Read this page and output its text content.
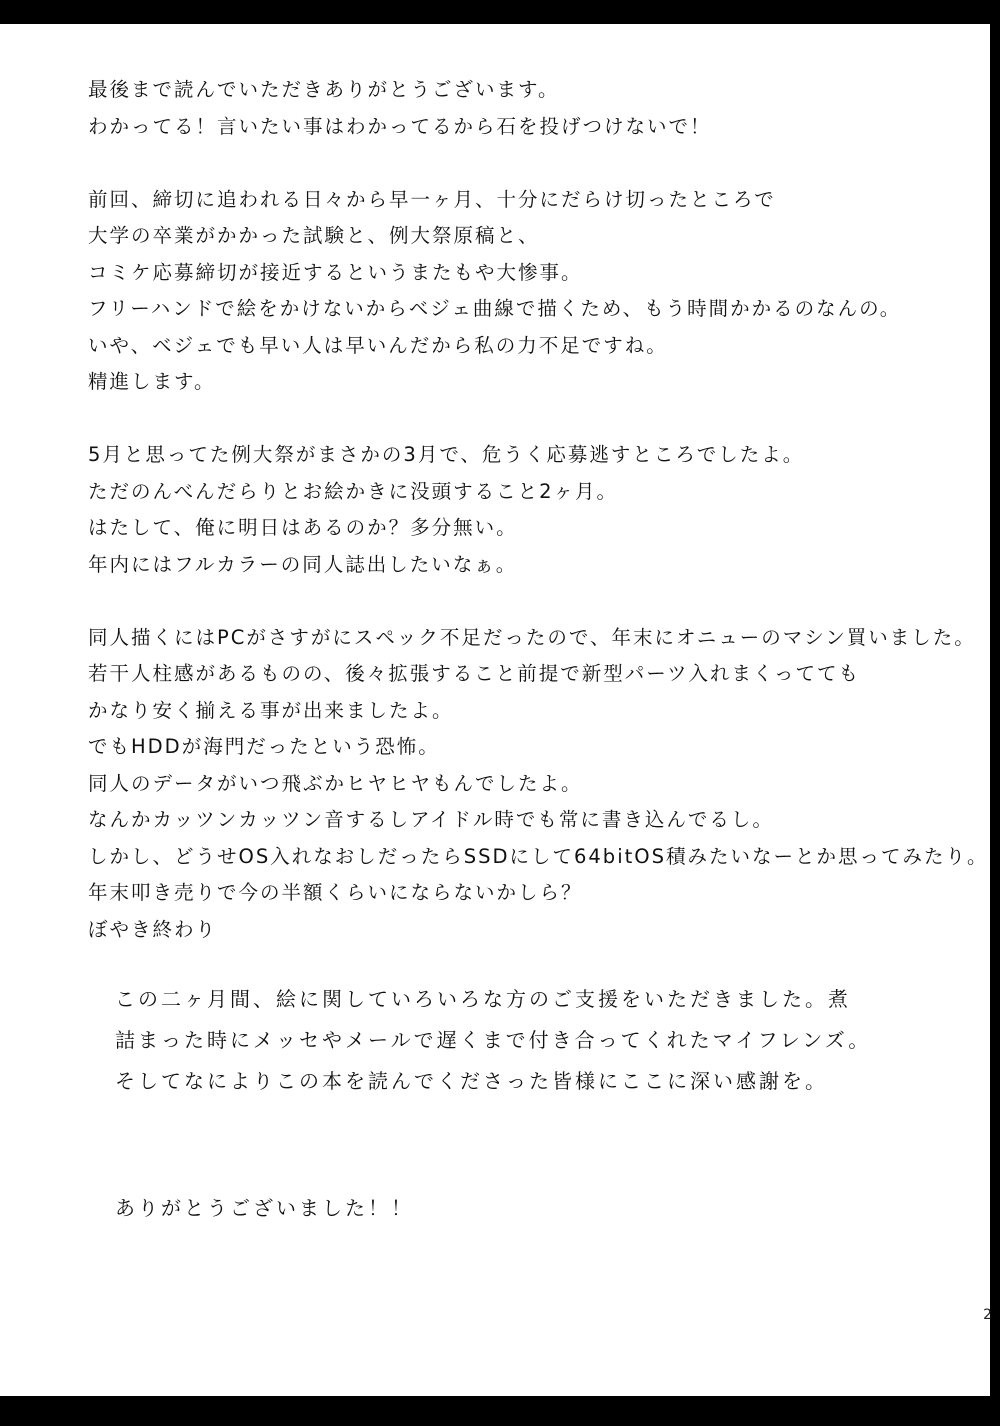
最後まで読んでいただきありがとうございます。
わかってる！言いたい事はわかってるから石を投げつけないで！
前回、締切に追われる日々から早一ヶ月、十分にだらけ切ったところで
大学の卒業がかかった試験と、例大祭原稿と、
コミケ応募締切が接近するというまたもや大惨事。
フリーハンドで絵をかけないからベジェ曲線で描くため、もう時間かかるのなんの。
いや、ベジェでも早い人は早いんだから私の力不足ですね。
精進します。
5月と思ってた例大祭がまさかの3月で、危うく応募逃すところでしたよ。
ただのんべんだらりとお絵かきに没頭すること2ヶ月。
はたして、俺に明日はあるのか？多分無い。
年内にはフルカラーの同人誌出したいなぁ。
同人描くにはPCがさすがにスペック不足だったので、年末にオニューのマシン買いました。
若干人柱感があるものの、後々拡張すること前提で新型パーツ入れまくってても
かなり安く揃える事が出来ましたよ。
でもHDDが海門だったという恐怖。
同人のデータがいつ飛ぶかヒヤヒヤもんでしたよ。
なんかカッツンカッツン音するしアイドル時でも常に書き込んでるし。
しかし、どうせOS入れなおしだったらSSDにして64bitOS積みたいなーとか思ってみたり。
年末叩き売りで今の半額くらいにならないかしら？
ぼやき終わり
この二ヶ月間、絵に関していろいろな方のご支援をいただきました。煮
詰まった時にメッセやメールで遅くまで付き合ってくれたマイフレンズ。
そしてなによりこの本を読んでくださった皆様にここに深い感謝を。
ありがとうございました！！
2
